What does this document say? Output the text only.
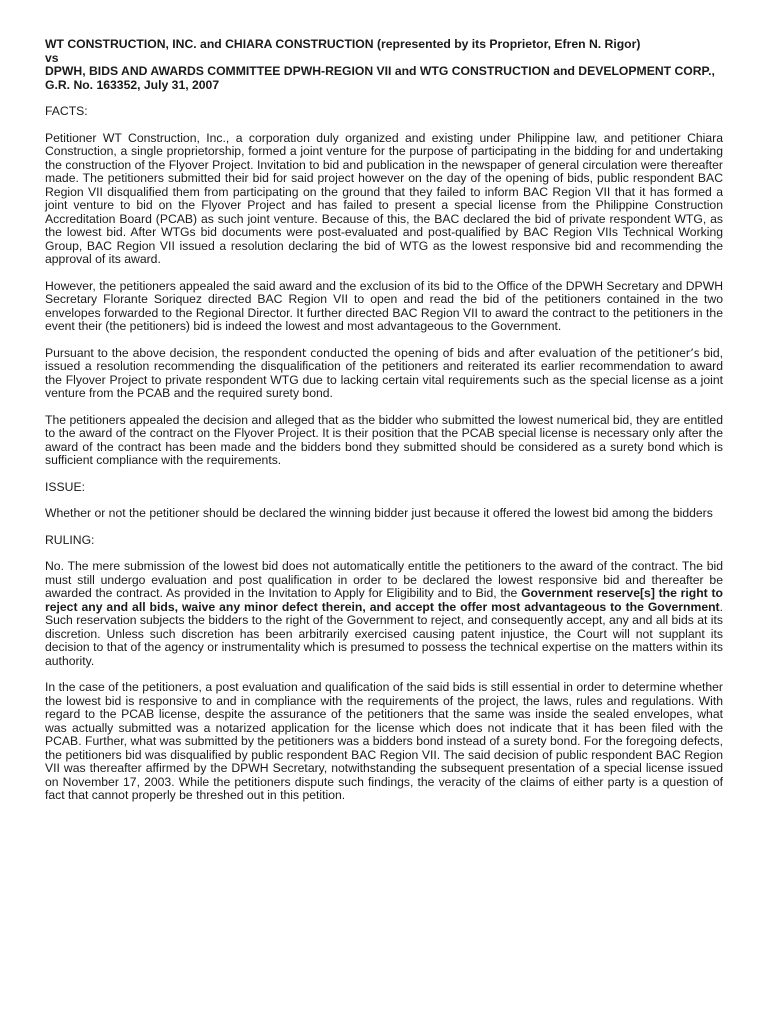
WT CONSTRUCTION, INC. and CHIARA CONSTRUCTION (represented by its Proprietor, Efren N. Rigor)
vs
DPWH, BIDS AND AWARDS COMMITTEE DPWH-REGION VII and WTG CONSTRUCTION and DEVELOPMENT CORP., G.R. No. 163352, July 31, 2007
FACTS:

Petitioner WT Construction, Inc., a corporation duly organized and existing under Philippine law, and petitioner Chiara Construction, a single proprietorship, formed a joint venture for the purpose of participating in the bidding for and undertaking the construction of the Flyover Project. Invitation to bid and publication in the newspaper of general circulation were thereafter made. The petitioners submitted their bid for said project however on the day of the opening of bids, public respondent BAC Region VII disqualified them from participating on the ground that they failed to inform BAC Region VII that it has formed a joint venture to bid on the Flyover Project and has failed to present a special license from the Philippine Construction Accreditation Board (PCAB) as such joint venture. Because of this, the BAC declared the bid of private respondent WTG, as the lowest bid. After WTGs bid documents were post-evaluated and post-qualified by BAC Region VIIs Technical Working Group, BAC Region VII issued a resolution declaring the bid of WTG as the lowest responsive bid and recommending the approval of its award.

However, the petitioners appealed the said award and the exclusion of its bid to the Office of the DPWH Secretary and DPWH Secretary Florante Soriquez directed BAC Region VII to open and read the bid of the petitioners contained in the two envelopes forwarded to the Regional Director. It further directed BAC Region VII to award the contract to the petitioners in the event their (the petitioners) bid is indeed the lowest and most advantageous to the Government.

Pursuant to the above decision, the respondent conducted the opening of bids and after evaluation of the petitioner’s bid, issued a resolution recommending the disqualification of the petitioners and reiterated its earlier recommendation to award the Flyover Project to private respondent WTG due to lacking certain vital requirements such as the special license as a joint venture from the PCAB and the required surety bond.

The petitioners appealed the decision and alleged that as the bidder who submitted the lowest numerical bid, they are entitled to the award of the contract on the Flyover Project. It is their position that the PCAB special license is necessary only after the award of the contract has been made and the bidders bond they submitted should be considered as a surety bond which is sufficient compliance with the requirements.

ISSUE:

Whether or not the petitioner should be declared the winning bidder just because it offered the lowest bid among the bidders

RULING:

No. The mere submission of the lowest bid does not automatically entitle the petitioners to the award of the contract. The bid must still undergo evaluation and post qualification in order to be declared the lowest responsive bid and thereafter be awarded the contract. As provided in the Invitation to Apply for Eligibility and to Bid, the Government reserve[s] the right to reject any and all bids, waive any minor defect therein, and accept the offer most advantageous to the Government. Such reservation subjects the bidders to the right of the Government to reject, and consequently accept, any and all bids at its discretion. Unless such discretion has been arbitrarily exercised causing patent injustice, the Court will not supplant its decision to that of the agency or instrumentality which is presumed to possess the technical expertise on the matters within its authority.

In the case of the petitioners, a post evaluation and qualification of the said bids is still essential in order to determine whether the lowest bid is responsive to and in compliance with the requirements of the project, the laws, rules and regulations. With regard to the PCAB license, despite the assurance of the petitioners that the same was inside the sealed envelopes, what was actually submitted was a notarized application for the license which does not indicate that it has been filed with the PCAB. Further, what was submitted by the petitioners was a bidders bond instead of a surety bond. For the foregoing defects, the petitioners bid was disqualified by public respondent BAC Region VII. The said decision of public respondent BAC Region VII was thereafter affirmed by the DPWH Secretary, notwithstanding the subsequent presentation of a special license issued on November 17, 2003. While the petitioners dispute such findings, the veracity of the claims of either party is a question of fact that cannot properly be threshed out in this petition.
